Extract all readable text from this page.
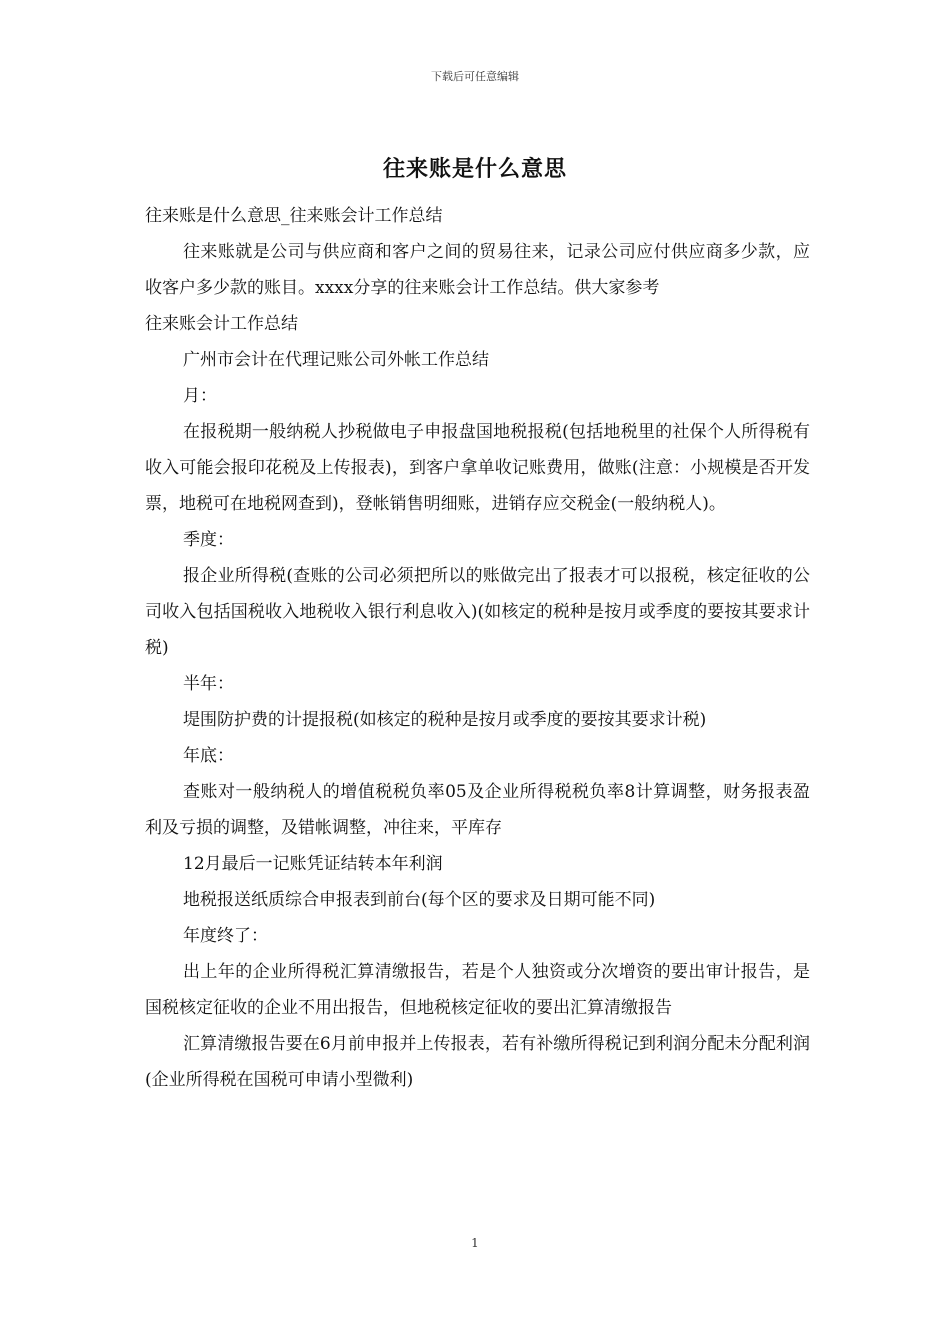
下载后可任意编辑
往来账是什么意思

往来账是什么意思_往来账会计工作总结

往来账就是公司与供应商和客户之间的贸易往来，记录公司应付供应商多少款，应收客户多少款的账目。xxxx分享的往来账会计工作总结。供大家参考

往来账会计工作总结

广州市会计在代理记账公司外帐工作总结

月：

在报税期一般纳税人抄税做电子申报盘国地税报税(包括地税里的社保个人所得税有收入可能会报印花税及上传报表)，到客户拿单收记账费用，做账(注意：小规模是否开发票，地税可在地税网查到)，登帐销售明细账，进销存应交税金(一般纳税人)。

季度：

报企业所得税(查账的公司必须把所以的账做完出了报表才可以报税，核定征收的公司收入包括国税收入地税收入银行利息收入)(如核定的税种是按月或季度的要按其要求计税)

半年：

堤围防护费的计提报税(如核定的税种是按月或季度的要按其要求计税)

年底：

查账对一般纳税人的增值税税负率05及企业所得税税负率8计算调整，财务报表盈利及亏损的调整，及错帐调整，冲往来，平库存

12月最后一记账凭证结转本年利润

地税报送纸质综合申报表到前台(每个区的要求及日期可能不同)

年度终了：

出上年的企业所得税汇算清缴报告，若是个人独资或分次增资的要出审计报告，是国税核定征收的企业不用出报告，但地税核定征收的要出汇算清缴报告

汇算清缴报告要在6月前申报并上传报表，若有补缴所得税记到利润分配未分配利润(企业所得税在国税可申请小型微利)

1
